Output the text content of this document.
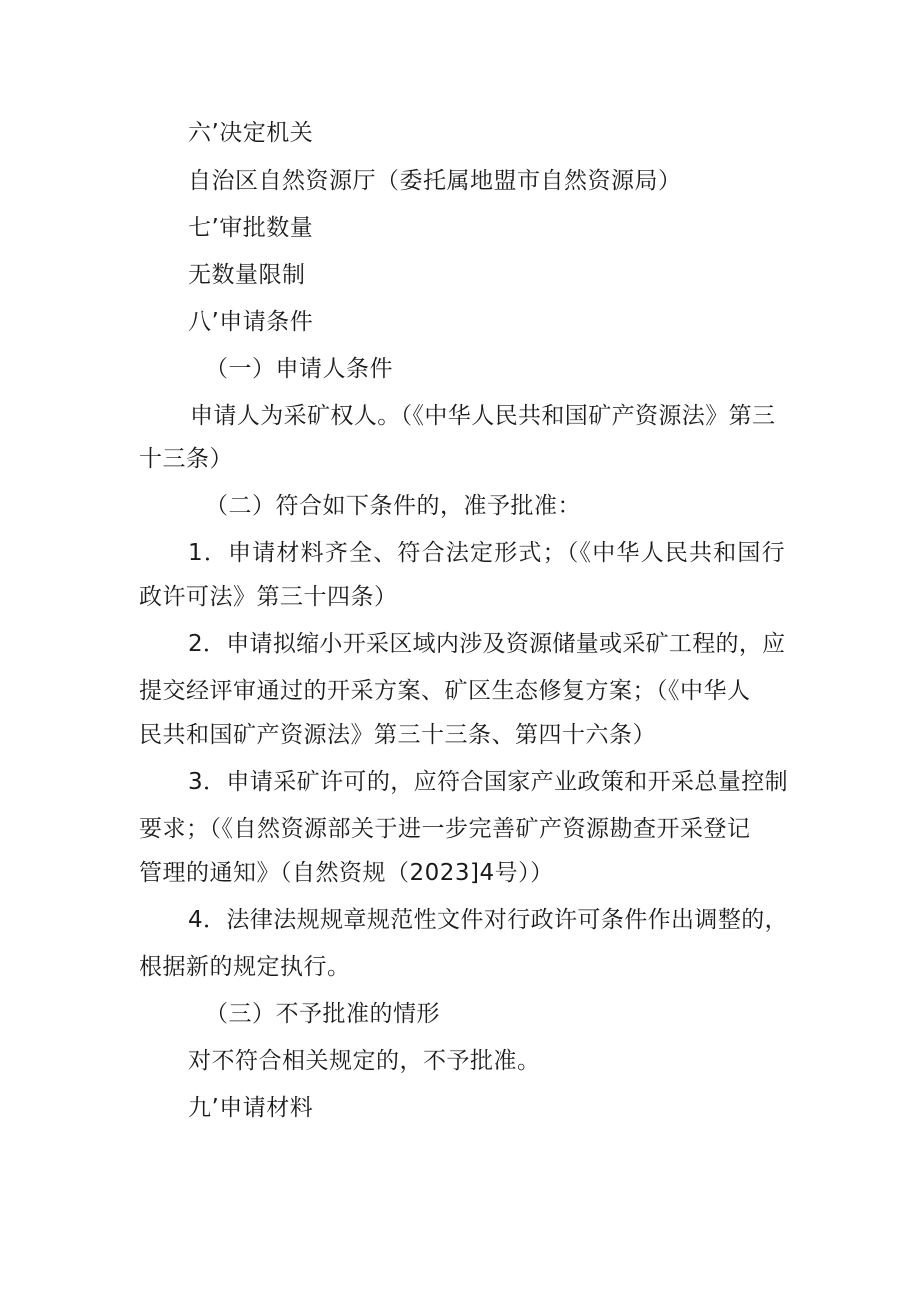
六’决定机关
自治区自然资源厅（委托属地盟市自然资源局）
七’审批数量
无数量限制
八’申请条件
（一）申请人条件
申请人为采矿权人。（《中华人民共和国矿产资源法》第三
十三条）
（二）符合如下条件的，准予批准：
1．申请材料齐全、符合法定形式；（《中华人民共和国行
政许可法》第三十四条）
2．申请拟缩小开采区域内涉及资源储量或采矿工程的，应
提交经评审通过的开采方案、矿区生态修复方案；（《中华人
民共和国矿产资源法》第三十三条、第四十六条）
3．申请采矿许可的，应符合国家产业政策和开采总量控制
要求；（《自然资源部关于进一步完善矿产资源勘查开采登记
管理的通知》（自然资规（2023]4号））
4．法律法规规章规范性文件对行政许可条件作出调整的，
根据新的规定执行。
（三）不予批准的情形
对不符合相关规定的，不予批准。
九’申请材料
